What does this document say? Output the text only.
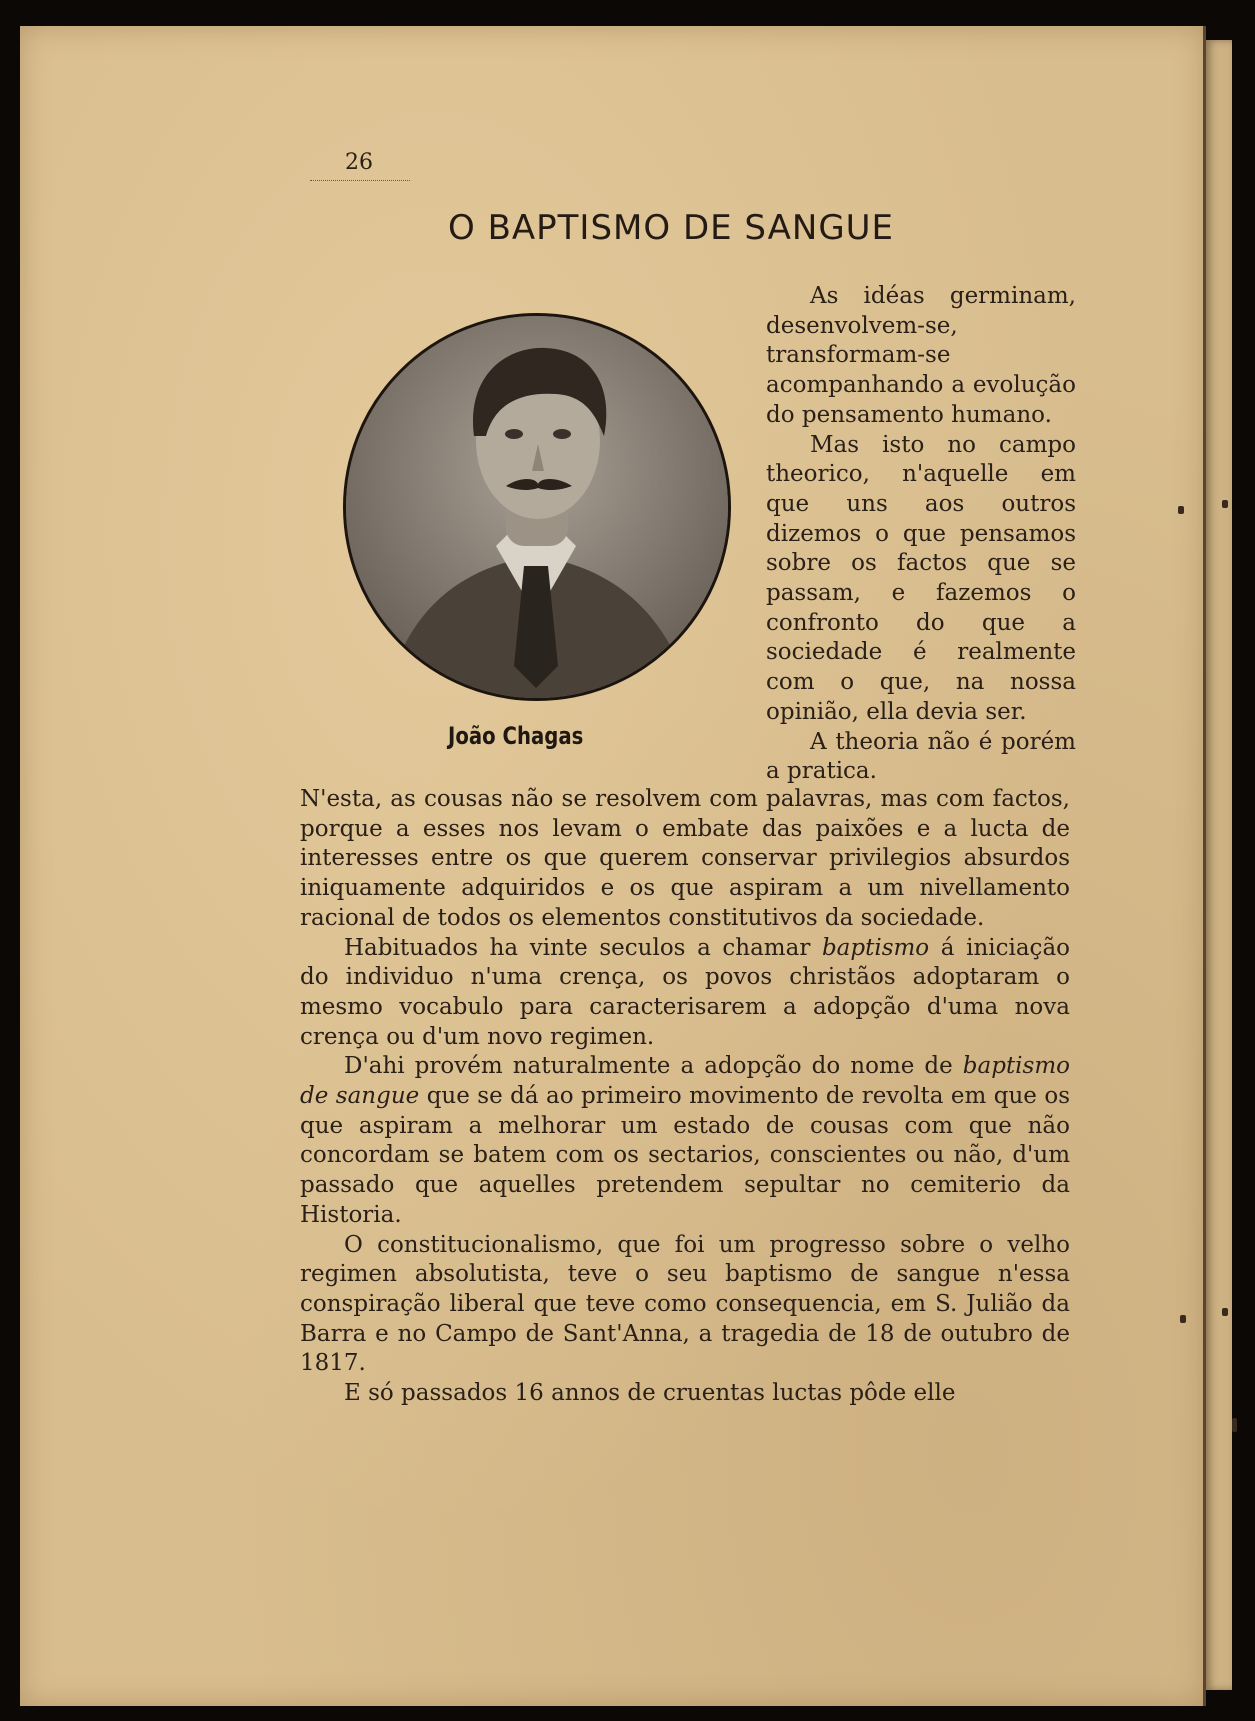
26
O BAPTISMO DE SANGUE
João Chagas

As idéas germinam, desenvolvem-se, transformam-se acompanhando a evolução do pensamento humano.

Mas isto no campo theorico, n'aquelle em que uns aos outros dizemos o que pensamos sobre os factos que se passam, e fazemos o confronto do que a sociedade é realmente com o que, na nossa opinião, ella devia ser.

A theoria não é porém a pratica.

N'esta, as cousas não se resolvem com palavras, mas com factos, porque a esses nos levam o embate das paixões e a lucta de interesses entre os que querem conservar privilegios absurdos iniquamente adquiridos e os que aspiram a um nivellamento racional de todos os elementos constitutivos da sociedade.

Habituados ha vinte seculos a chamar baptismo á iniciação do individuo n'uma crença, os povos christãos adoptaram o mesmo vocabulo para caracterisarem a adopção d'uma nova crença ou d'um novo regimen.

D'ahi provém naturalmente a adopção do nome de baptismo de sangue que se dá ao primeiro movimento de revolta em que os que aspiram a melhorar um estado de cousas com que não concordam se batem com os sectarios, conscientes ou não, d'um passado que aquelles pretendem sepultar no cemiterio da Historia.

O constitucionalismo, que foi um progresso sobre o velho regimen absolutista, teve o seu baptismo de sangue n'essa conspiração liberal que teve como consequencia, em S. Julião da Barra e no Campo de Sant'Anna, a tragedia de 18 de outubro de 1817.

E só passados 16 annos de cruentas luctas pôde elle
